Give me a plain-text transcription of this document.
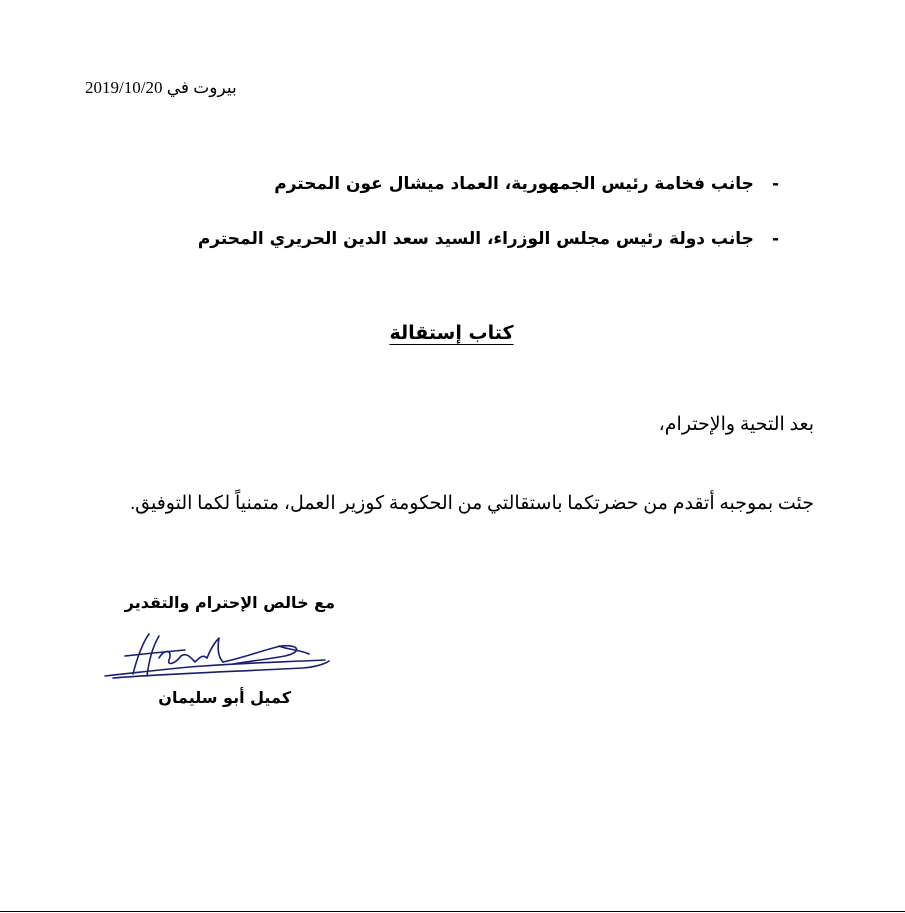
بيروت في 2019/10/20
-جانب فخامة رئيس الجمهورية، العماد ميشال عون المحترم
-جانب دولة رئيس مجلس الوزراء، السيد سعد الدين الحريري المحترم
كتاب إستقالة
بعد التحية والإحترام،
جئت بموجبه أتقدم من حضرتكما باستقالتي من الحكومة كوزير العمل، متمنياً لكما التوفيق.
مع خالص الإحترام والتقدير
كميل أبو سليمان
